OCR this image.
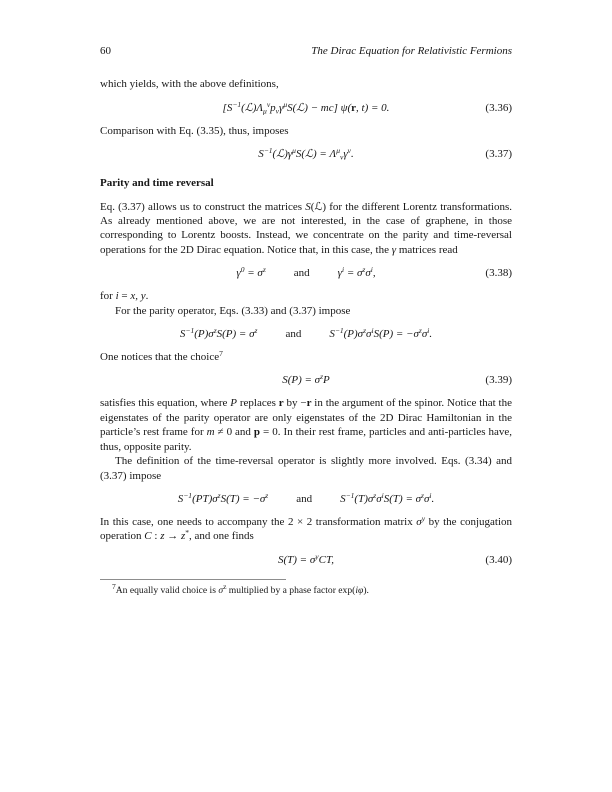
60	The Dirac Equation for Relativistic Fermions

which yields, with the above definitions,

$[S^{-1}(ℒ)\Lambda_\mu^\nu p_\nu\gamma^\mu S(ℒ) - mc]$ ψ(r, t) = 0.	(3.36)

Comparison with Eq. (3.35), thus, imposes

$S^{-1}(ℒ)\gamma^\mu S(ℒ) = \Lambda^\mu_\nu\gamma^\nu$.	(3.37)
Parity and time reversal

Eq. (3.37) allows us to construct the matrices S(ℒ) for the different Lorentz transformations. As already mentioned above, we are not interested, in the case of graphene, in those corresponding to Lorentz boosts. Instead, we concentrate on the parity and time-reversal operations for the 2D Dirac equation. Notice that, in this case, the γ matrices read

$\gamma^0 = \sigma^z$	and	$\gamma^i = \sigma^z\sigma^i$,	(3.38)

for i = x, y.

For the parity operator, Eqs. (3.33) and (3.37) impose

$S^{-1}(P)\sigma^zS(P) = \sigma^z$	and	$S^{-1}(P)\sigma^z\sigma^iS(P) = -\sigma^z\sigma^i$.

One notices that the choice$^7$

$S(P) = \sigma^zP$	(3.39)

satisfies this equation, where P replaces r by −r in the argument of the spinor. Notice that the eigenstates of the parity operator are only eigenstates of the 2D Dirac Hamiltonian in the particle’s rest frame for m ≠ 0 and p = 0. In their rest frame, particles and anti-particles have, thus, opposite parity.

The definition of the time-reversal operator is slightly more involved. Eqs. (3.34) and (3.37) impose

$S^{-1}(PT)\sigma^zS(T) = -\sigma^z$	and	$S^{-1}(T)\sigma^z\sigma^iS(T) = \sigma^z\sigma^i$.

In this case, one needs to accompany the 2 × 2 transformation matrix $\sigma^y$ by the conjugation operation C : z → z*, and one finds

$S(T) = \sigma^yCT$,	(3.40)

$^7$An equally valid choice is $\sigma^z$ multiplied by a phase factor exp(iφ).
